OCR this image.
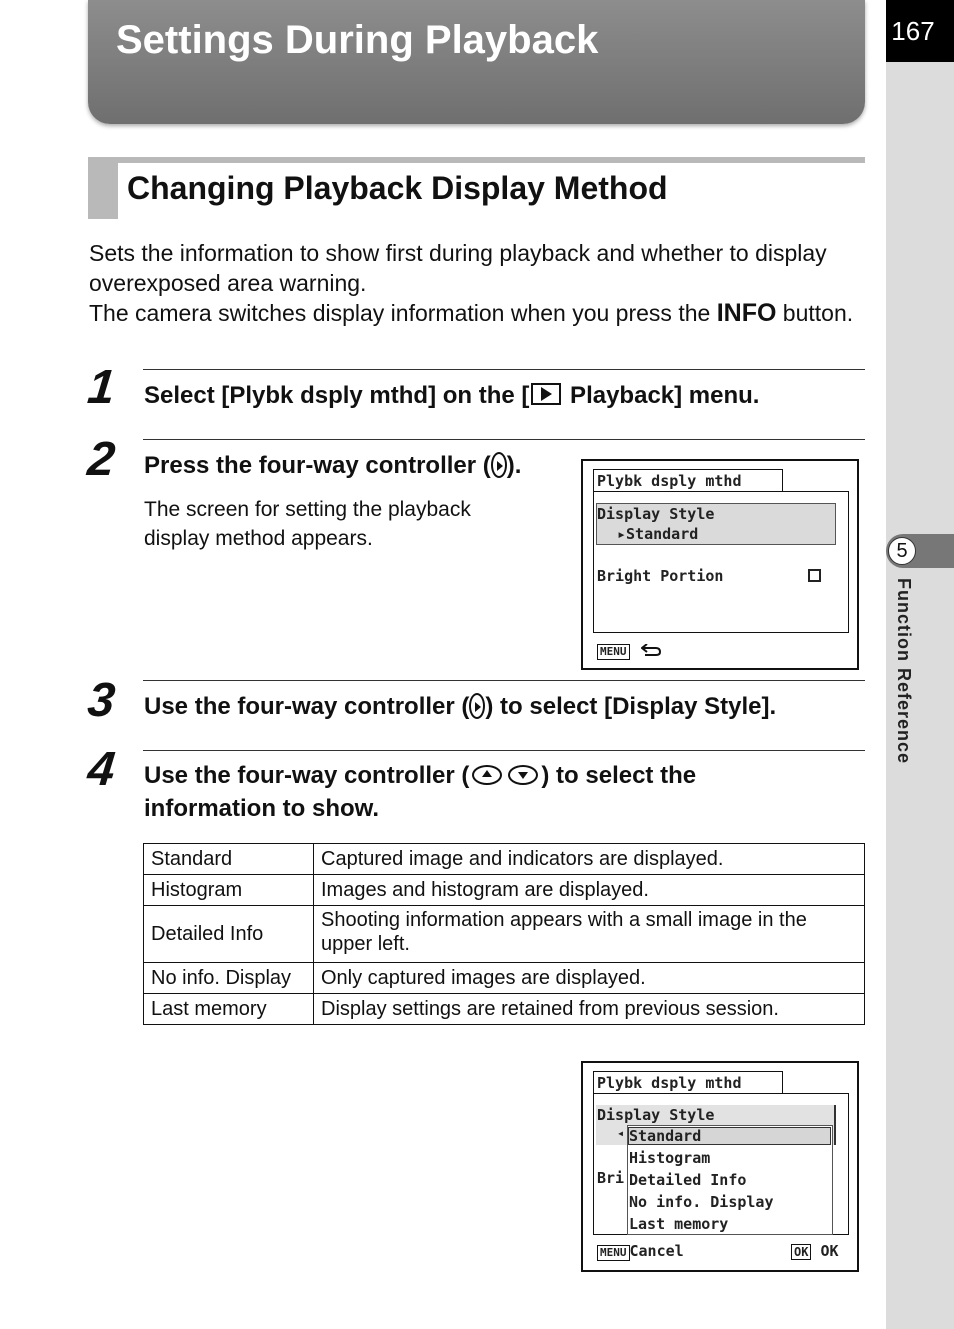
167
5
Function Reference
Settings During Playback
Changing Playback Display Method
Sets the information to show first during playback and whether to display overexposed area warning.
The camera switches display information when you press the INFO button.
1 Select [Plybk dsply mthd] on the [ Playback] menu.
2 Press the four-way controller ( ).
The screen for setting the playback display method appears.
Plybk dsply mthd
Display Style
▸Standard
Bright Portion
MENU
3 Use the four-way controller ( ) to select [Display Style].
4 Use the four-way controller (	) to select the information to show.
Standard	Captured image and indicators are displayed.
Histogram	Images and histogram are displayed.
Detailed Info	Shooting information appears with a small image in the upper left.
No info. Display	Only captured images are displayed.
Last memory	Display settings are retained from previous session.
Plybk dsply mthd
Display Style
Bri
◂
MENU Cancel	OK OK
Standard
Histogram
Detailed Info
No info. Display
Last memory
